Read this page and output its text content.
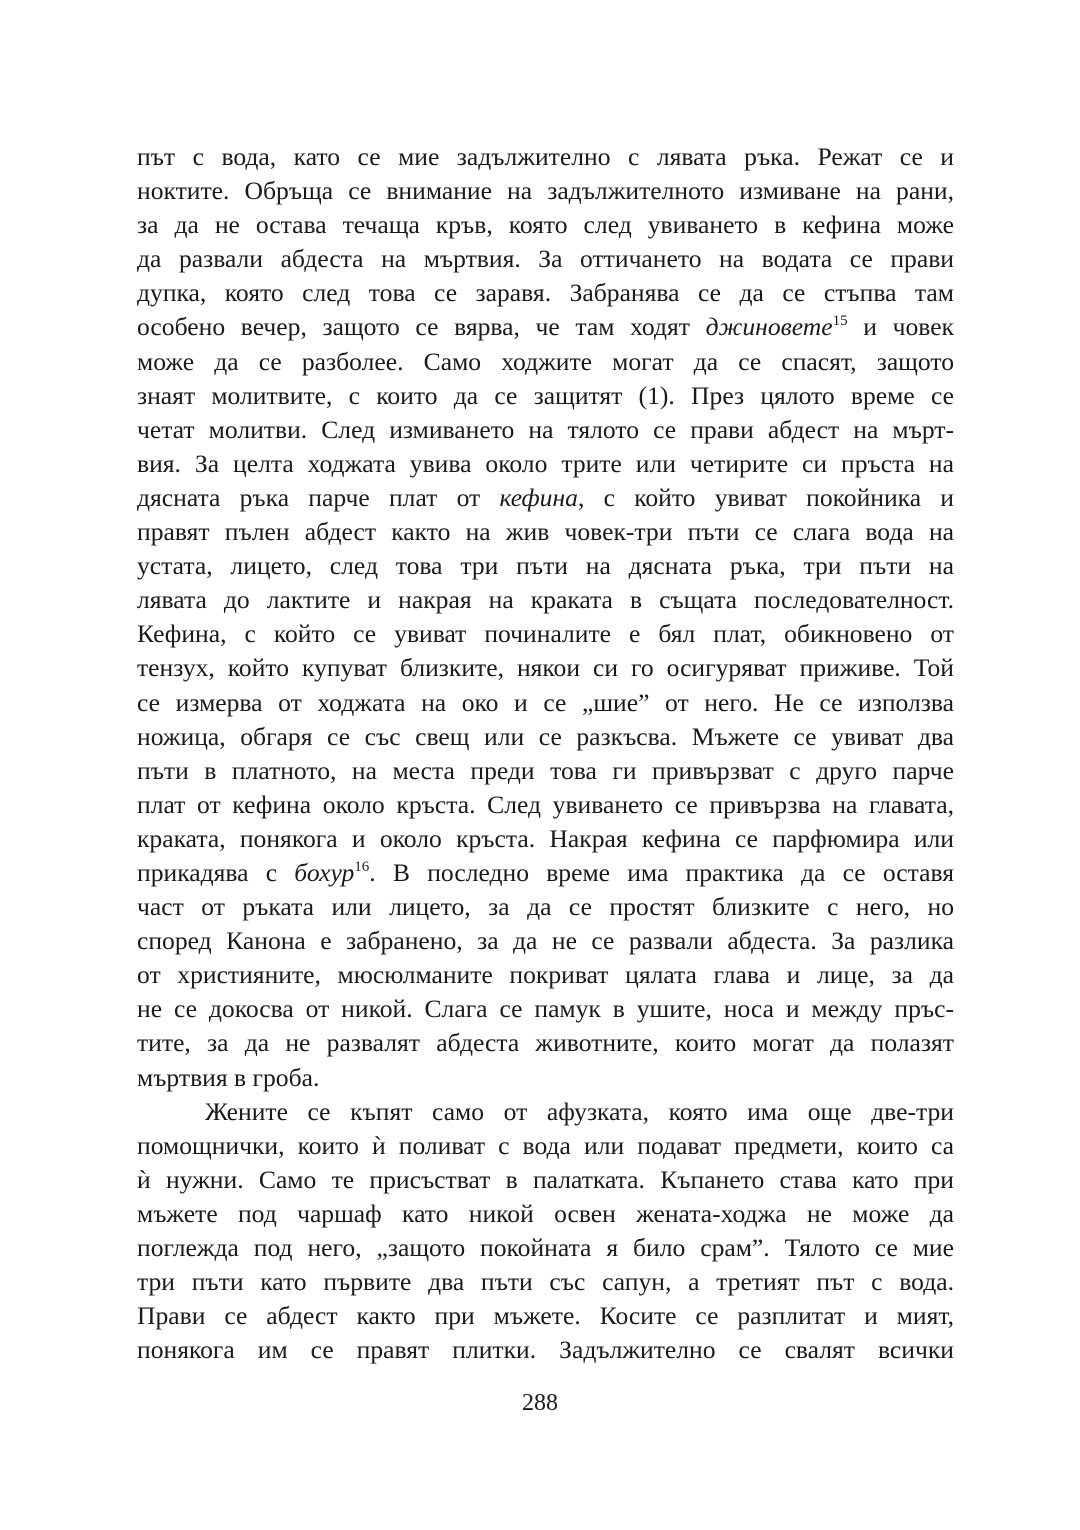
път с вода, като се мие задължително с лявата ръка. Режат се и
ноктите. Обръща се внимание на задължителното измиване на рани,
за да не остава течаща кръв, която след увиването в кефина може
да развали абдеста на мъртвия. За оттичането на водата се прави
дупка, която след това се заравя. Забранява се да се стъпва там
особено вечер, защото се вярва, че там ходят джиновете$^{15}$ и човек
може да се разболее. Само ходжите могат да се спасят, защото
знаят молитвите, с които да се защитят (1). През цялото време се
четат молитви. След измиването на тялото се прави абдест на мърт-
вия. За целта ходжата увива около трите или четирите си пръста на
дясната ръка парче плат от кефина, с който увиват покойника и
правят пълен абдест както на жив човек-три пъти се слага вода на
устата, лицето, след това три пъти на дясната ръка, три пъти на
лявата до лактите и накрая на краката в същата последователност.
Кефина, с който се увиват починалите е бял плат, обикновено от
тензух, който купуват близките, някои си го осигуряват приживе. Той
се измерва от ходжата на око и се „шие” от него. Не се използва
ножица, обгаря се със свещ или се разкъсва. Мъжете се увиват два
пъти в платното, на места преди това ги привързват с друго парче
плат от кефина около кръста. След увиването се привързва на главата,
краката, понякога и около кръста. Накрая кефина се парфюмира или
прикадява с бохур$^{16}$. В последно време има практика да се оставя
част от ръката или лицето, за да се простят близките с него, но
според Канона е забранено, за да не се развали абдеста. За разлика
от християните, мюсюлманите покриват цялата глава и лице, за да
не се докосва от никой. Слага се памук в ушите, носа и между пръс-
тите, за да не развалят абдеста животните, които могат да полазят
мъртвия в гроба.

Жените се къпят само от афузката, която има още две-три
помощнички, които ѝ поливат с вода или подават предмети, които са
ѝ нужни. Само те присъстват в палатката. Къпането става като при
мъжете под чаршаф като никой освен жената-ходжа не може да
поглежда под него, „защото покойната я било срам”. Тялото се мие
три пъти като първите два пъти със сапун, а третият път с вода.
Прави се абдест както при мъжете. Косите се разплитат и мият,
понякога им се правят плитки. Задължително се свалят всички

288
